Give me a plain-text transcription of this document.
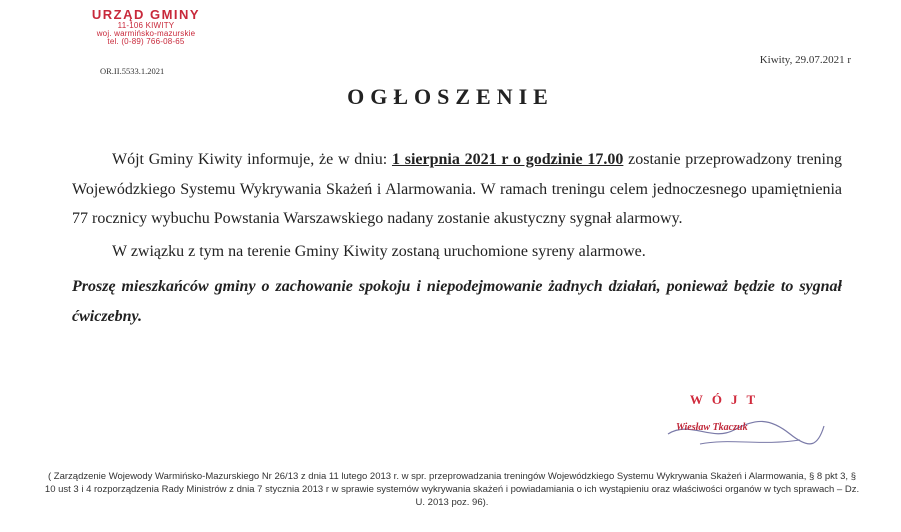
URZĄD GMINY
11-106 KIWITY
woj. warmińsko-mazurskie
tel. (0-89) 766-08-65
OR.II.5533.1.2021
Kiwity, 29.07.2021 r
OGŁOSZENIE

Wójt Gminy Kiwity informuje, że w dniu: 1 sierpnia 2021 r o godzinie 17.00 zostanie przeprowadzony trening Wojewódzkiego Systemu Wykrywania Skażeń i Alarmowania. W ramach treningu celem jednoczesnego upamiętnienia 77 rocznicy wybuchu Powstania Warszawskiego nadany zostanie akustyczny sygnał alarmowy.

W związku z tym na terenie Gminy Kiwity zostaną uruchomione syreny alarmowe.

Proszę mieszkańców gminy o zachowanie spokoju i niepodejmowanie żadnych działań, ponieważ będzie to sygnał ćwiczebny.

WÓJT
Wiesław Tkaczuk
( Zarządzenie Wojewody Warmińsko-Mazurskiego Nr 26/13 z dnia 11 lutego 2013 r. w spr. przeprowadzania treningów Wojewódzkiego Systemu Wykrywania Skażeń i Alarmowania, § 8 pkt 3, § 10 ust 3 i 4 rozporządzenia Rady Ministrów z dnia 7 stycznia 2013 r w sprawie systemów wykrywania skażeń i powiadamiania o ich wystąpieniu oraz właściwości organów w tych sprawach – Dz. U. 2013 poz. 96).
